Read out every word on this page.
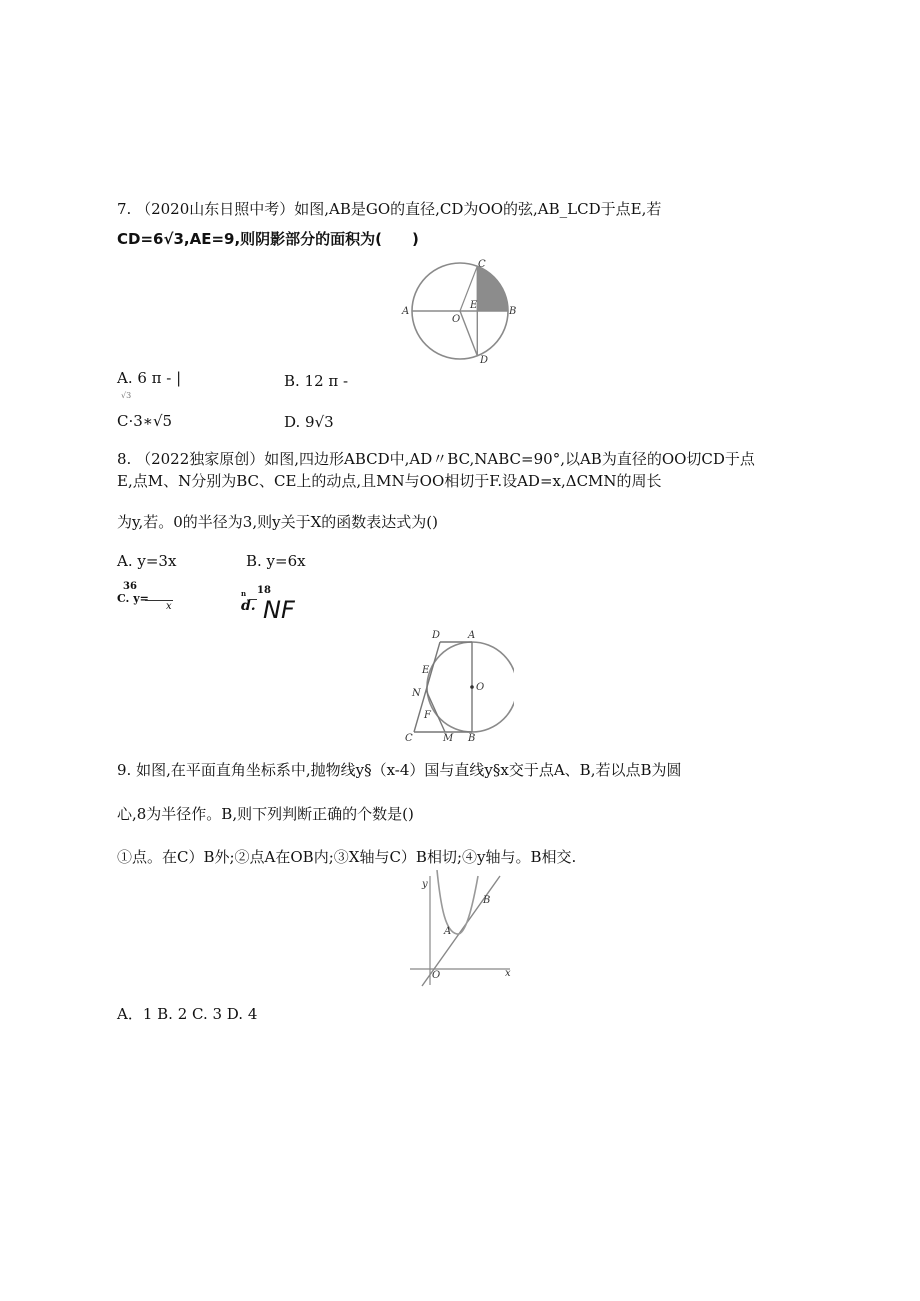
7. （2020山东日照中考）如图,AB是GO的直径,CD为OO的弦,AB_LCD于点E,若
CD=6√3,AE=9,则阴影部分的面积为(　　)
A	B
C
D
E
O
A. 6 π - |
√3
B. 12 π -
C·3∗√5	D. 9√3
8. （2022独家原创）如图,四边形ABCD中,AD〃BC,NABC=90°,以AB为直径的OO切CD于点
E,点M、N分别为BC、CE上的动点,且MN与OO相切于F.设AD=x,ΔCMN的周长
为y,若。0的半径为3,则y关于X的函数表达式为()
A. y=3x	B. y=6x
36
C. y=
x
n
d.
18
NF
D	A
E
N
F
C	M B
O
9. 如图,在平面直角坐标系中,抛物线y§（x-4）国与直线y§x交于点A、B,若以点B为圆
心,8为半径作。B,则下列判断正确的个数是()
①点。在C）B外;②点A在OB内;③X轴与C）B相切;④y轴与。B相交.
y
x
O
A
B
A．1 B. 2 C. 3 D. 4
